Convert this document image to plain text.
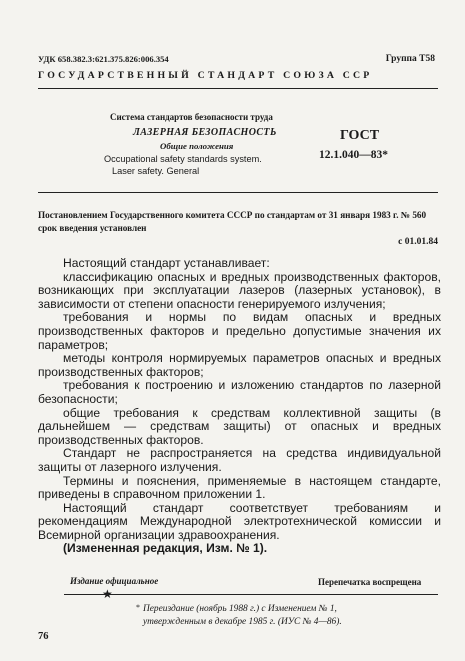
УДК 658.382.3:621.375.826:006.354	Группа Т58
ГОСУДАРСТВЕННЫЙ СТАНДАРТ СОЮЗА ССР
Система стандартов безопасности труда
ЛАЗЕРНАЯ БЕЗОПАСНОСТЬ
Общие положения
Occupational safety standards system.
Laser safety. General
ГОСТ
12.1.040—83*
Постановлением Государственного комитета СССР по стандартам от 31 января 1983 г. № 560 срок введения установлен
с 01.01.84

Настоящий стандарт устанавливает:

классификацию опасных и вредных производственных факторов, возникающих при эксплуатации лазеров (лазерных установок), в зависимости от степени опасности генерируемого излучения;

требования и нормы по видам опасных и вредных производственных факторов и предельно допустимые значения их параметров;

методы контроля нормируемых параметров опасных и вредных производственных факторов;

требования к построению и изложению стандартов по лазерной безопасности;

общие требования к средствам коллективной защиты (в дальнейшем — средствам защиты) от опасных и вредных производственных факторов.

Стандарт не распространяется на средства индивидуальной защиты от лазерного излучения.

Термины и пояснения, применяемые в настоящем стандарте, приведены в справочном приложении 1.

Настоящий стандарт соответствует требованиям и рекомендациям Международной электротехнической комиссии и Всемирной организации здравоохранения.

(Измененная редакция, Изм. № 1).

Издание официальное	Перепечатка воспрещена
★
* Переиздание (ноябрь 1988 г.) с Изменением № 1,
утвержденным в декабре 1985 г. (ИУС № 4—86).
76
